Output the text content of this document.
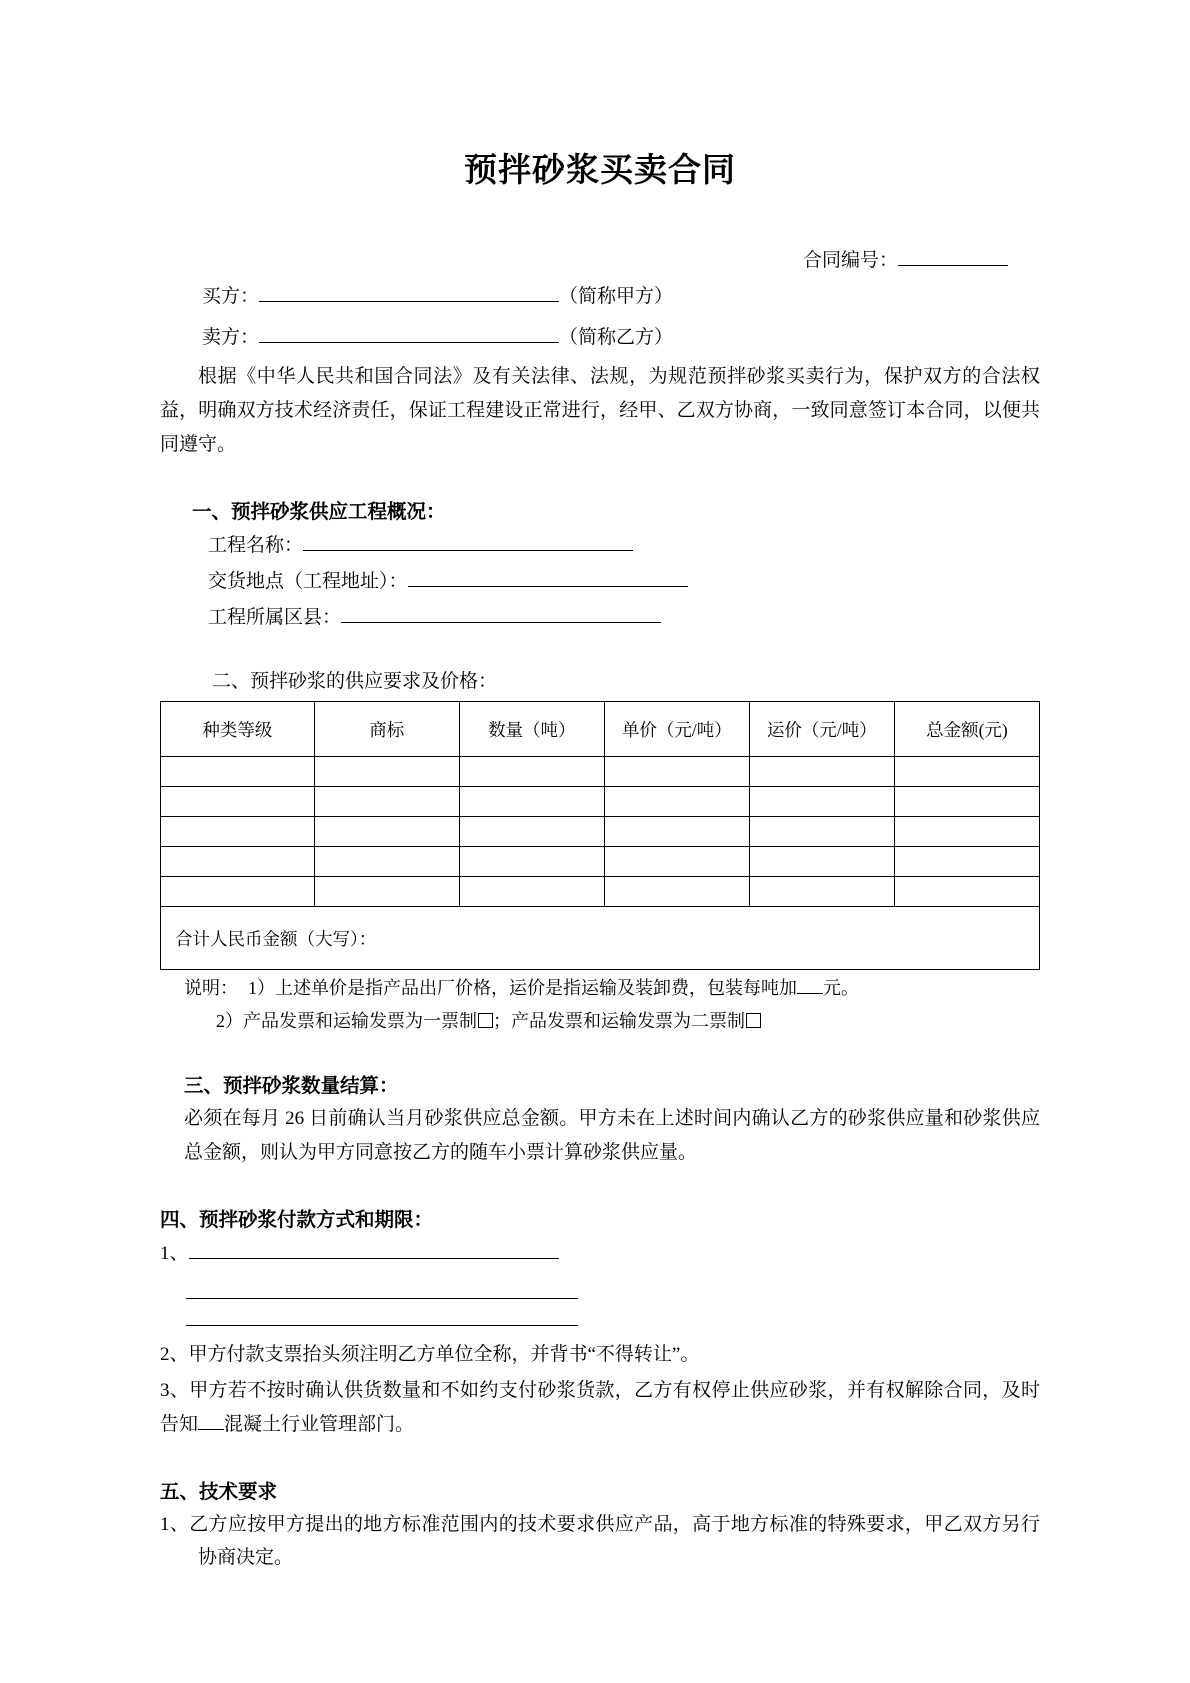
预拌砂浆买卖合同
合同编号：
买方：	（简称甲方）
卖方：	（简称乙方）
根据《中华人民共和国合同法》及有关法律、法规，为规范预拌砂浆买卖行为，保护双方的合法权益，明确双方技术经济责任，保证工程建设正常进行，经甲、乙双方协商，一致同意签订本合同，以便共同遵守。
一、预拌砂浆供应工程概况：
工程名称：
交货地点（工程地址）：
工程所属区县：
二、预拌砂浆的供应要求及价格：
种类等级	商标	数量（吨）	单价（元/吨）	运价（元/吨）	总金额(元)

合计人民币金额（大写）：					
说明： 1）上述单价是指产品出厂价格，运价是指运输及装卸费，包装每吨加 元。
2）产品发票和运输发票为一票制 ；产品发票和运输发票为二票制
三、预拌砂浆数量结算：
必须在每月 26 日前确认当月砂浆供应总金额。甲方未在上述时间内确认乙方的砂浆供应量和砂浆供应总金额，则认为甲方同意按乙方的随车小票计算砂浆供应量。
四、预拌砂浆付款方式和期限：
1、
2、甲方付款支票抬头须注明乙方单位全称，并背书“不得转让”。
3、甲方若不按时确认供货数量和不如约支付砂浆货款，乙方有权停止供应砂浆，并有权解除合同，及时告知 混凝土行业管理部门。
五、技术要求
1、乙方应按甲方提出的地方标准范围内的技术要求供应产品，高于地方标准的特殊要求，甲乙双方另行协商决定。
